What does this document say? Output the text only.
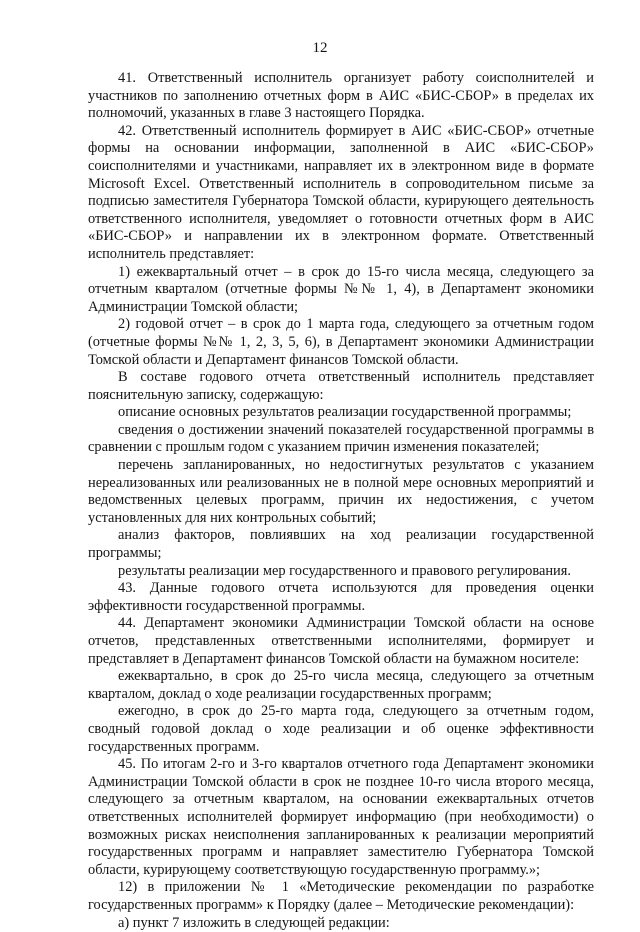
12

41. Ответственный исполнитель организует работу соисполнителей и участников по заполнению отчетных форм в АИС «БИС-СБОР» в пределах их полномочий, указанных в главе 3 настоящего Порядка.

42. Ответственный исполнитель формирует в АИС «БИС-СБОР» отчетные формы на основании информации, заполненной в АИС «БИС-СБОР» соисполнителями и участниками, направляет их в электронном виде в формате Microsoft Excel. Ответственный исполнитель в сопроводительном письме за подписью заместителя Губернатора Томской области, курирующего деятельность ответственного исполнителя, уведомляет о готовности отчетных форм в АИС «БИС-СБОР» и направлении их в электронном формате. Ответственный исполнитель представляет:

1) ежеквартальный отчет – в срок до 15-го числа месяца, следующего за отчетным кварталом (отчетные формы №№ 1, 4), в Департамент экономики Администрации Томской области;

2) годовой отчет – в срок до 1 марта года, следующего за отчетным годом (отчетные формы №№ 1, 2, 3, 5, 6), в Департамент экономики Администрации Томской области и Департамент финансов Томской области.

В составе годового отчета ответственный исполнитель представляет пояснительную записку, содержащую:

описание основных результатов реализации государственной программы;

сведения о достижении значений показателей государственной программы в сравнении с прошлым годом с указанием причин изменения показателей;

перечень запланированных, но недостигнутых результатов с указанием нереализованных или реализованных не в полной мере основных мероприятий и ведомственных целевых программ, причин их недостижения, с учетом установленных для них контрольных событий;

анализ факторов, повлиявших на ход реализации государственной программы;

результаты реализации мер государственного и правового регулирования.

43. Данные годового отчета используются для проведения оценки эффективности государственной программы.

44. Департамент экономики Администрации Томской области на основе отчетов, представленных ответственными исполнителями, формирует и представляет в Департамент финансов Томской области на бумажном носителе:

ежеквартально, в срок до 25-го числа месяца, следующего за отчетным кварталом, доклад о ходе реализации государственных программ;

ежегодно, в срок до 25-го марта года, следующего за отчетным годом, сводный годовой доклад о ходе реализации и об оценке эффективности государственных программ.

45. По итогам 2-го и 3-го кварталов отчетного года Департамент экономики Администрации Томской области в срок не позднее 10-го числа второго месяца, следующего за отчетным кварталом, на основании ежеквартальных отчетов ответственных исполнителей формирует информацию (при необходимости) о возможных рисках неисполнения запланированных к реализации мероприятий государственных программ и направляет заместителю Губернатора Томской области, курирующему соответствующую государственную программу.»;

12) в приложении № 1 «Методические рекомендации по разработке государственных программ» к Порядку (далее – Методические рекомендации):

а) пункт 7 изложить в следующей редакции:
